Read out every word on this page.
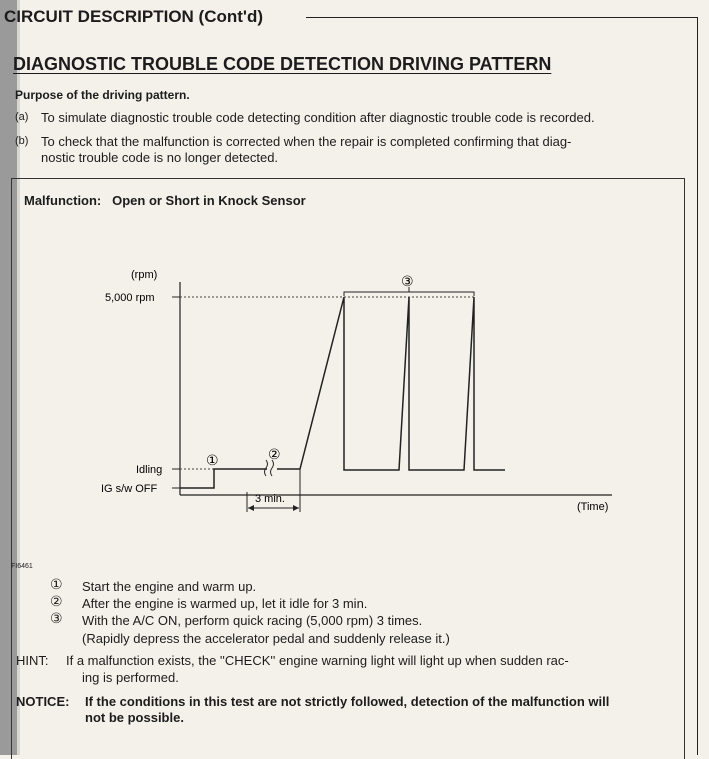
CIRCUIT DESCRIPTION (Cont'd)
DIAGNOSTIC TROUBLE CODE DETECTION DRIVING PATTERN
Purpose of the driving pattern.
(a) To simulate diagnostic trouble code detecting condition after diagnostic trouble code is recorded.
(b) To check that the malfunction is corrected when the repair is completed confirming that diag-
nostic trouble code is no longer detected.
Malfunction: Open or Short in Knock Sensor
(rpm)
5,000 rpm
Idling
IG s/w OFF
(Time)
3 min.
①	②
③
FI6461
① Start the engine and warm up.
② After the engine is warmed up, let it idle for 3 min.
③ With the A/C ON, perform quick racing (5,000 rpm) 3 times.
(Rapidly depress the accelerator pedal and suddenly release it.)
HINT: If a malfunction exists, the ''CHECK'' engine warning light will light up when sudden rac-
ing is performed.
NOTICE: If the conditions in this test are not strictly followed, detection of the malfunction will
not be possible.
